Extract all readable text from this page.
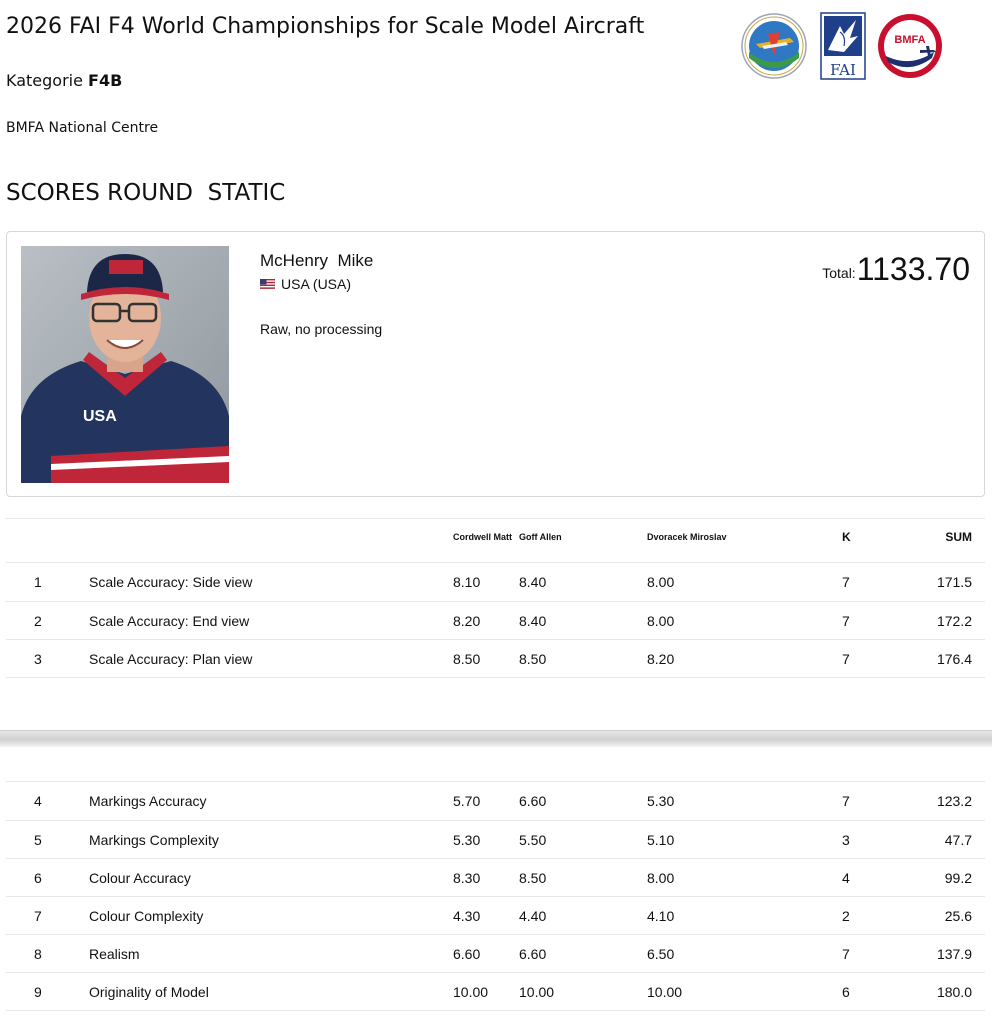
2026 FAI F4 World Championships for Scale Model Aircraft
Kategorie F4B
BMFA National Centre
SCORES ROUND  STATIC
FAI
BMFA
USA
McHenry  Mike
USA (USA)
Raw, no processing
Total: 1133.70
		Cordwell Matt	Goff Allen	Dvoracek Miroslav	K	SUM
1	Scale Accuracy: Side view	8.10	8.40	8.00	7	171.5
2	Scale Accuracy: End view	8.20	8.40	8.00	7	172.2
3	Scale Accuracy: Plan view	8.50	8.50	8.20	7	176.4
4	Markings Accuracy	5.70	6.60	5.30	7	123.2
5	Markings Complexity	5.30	5.50	5.10	3	47.7
6	Colour Accuracy	8.30	8.50	8.00	4	99.2
7	Colour Complexity	4.30	4.40	4.10	2	25.6
8	Realism	6.60	6.60	6.50	7	137.9
9	Originality of Model	10.00	10.00	10.00	6	180.0
